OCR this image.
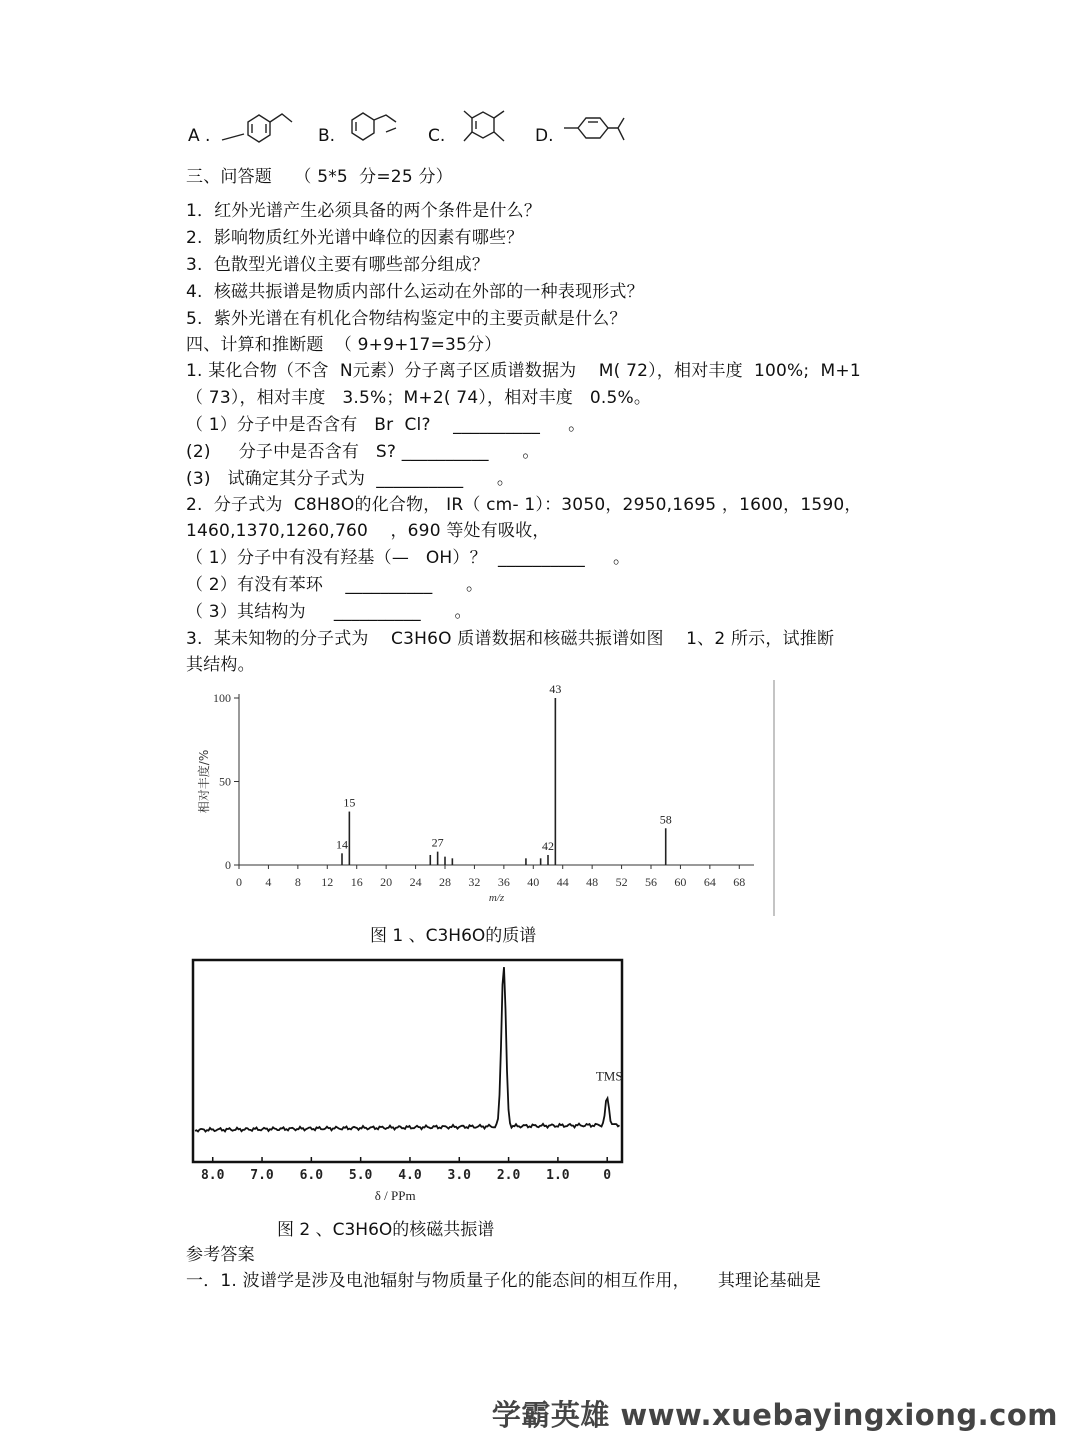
A .	B.	C.	D.
三、问答题    （ 5*5  分=25 分）
1．红外光谱产生必须具备的两个条件是什么？
2.  影响物质红外光谱中峰位的因素有哪些？
3.  色散型光谱仪主要有哪些部分组成？
4.  核磁共振谱是物质内部什么运动在外部的一种表现形式？
5.  紫外光谱在有机化合物结构鉴定中的主要贡献是什么？
四、计算和推断题  （ 9+9+17=35分）
1. 某化合物（不含  N元素）分子离子区质谱数据为    M( 72），相对丰度  100%;  M+1
（ 73），相对丰度   3.5%；M+2( 74），相对丰度   0.5%。
（ 1）分子中是否含有   Br  Cl?    __________     。
(2)     分子中是否含有   S? __________      。
(3)   试确定其分子式为  __________      。
2.  分子式为  C8H8O的化合物， IR（ cm- 1）：3050，2950,1695 ，1600，1590，
1460,1370,1260,760    ，690 等处有吸收，
（ 1）分子中有没有羟基（—   OH）？  __________     。
（ 2）有没有苯环    __________      。
（ 3）其结构为     __________      。
3.  某未知物的分子式为    C3H6O 质谱数据和核磁共振谱如图    1、2 所示，试推断
其结构。
0
50
100
0 4 8 12 16 20 24 28 32 36 40 44 48 52 56 60 64 68
m/z
相对丰度/%
14
15
27	42
43
58
图 1 、C3H6O的质谱
TMS
8.0 7.0 6.0 5.0 4.0 3.0 2.0 1.0	0
δ / PPm
图 2 、C3H6O的核磁共振谱
参考答案
一．1. 波谱学是涉及电池辐射与物质量子化的能态间的相互作用，     其理论基础是
学霸英雄 www.xuebayingxiong.com
